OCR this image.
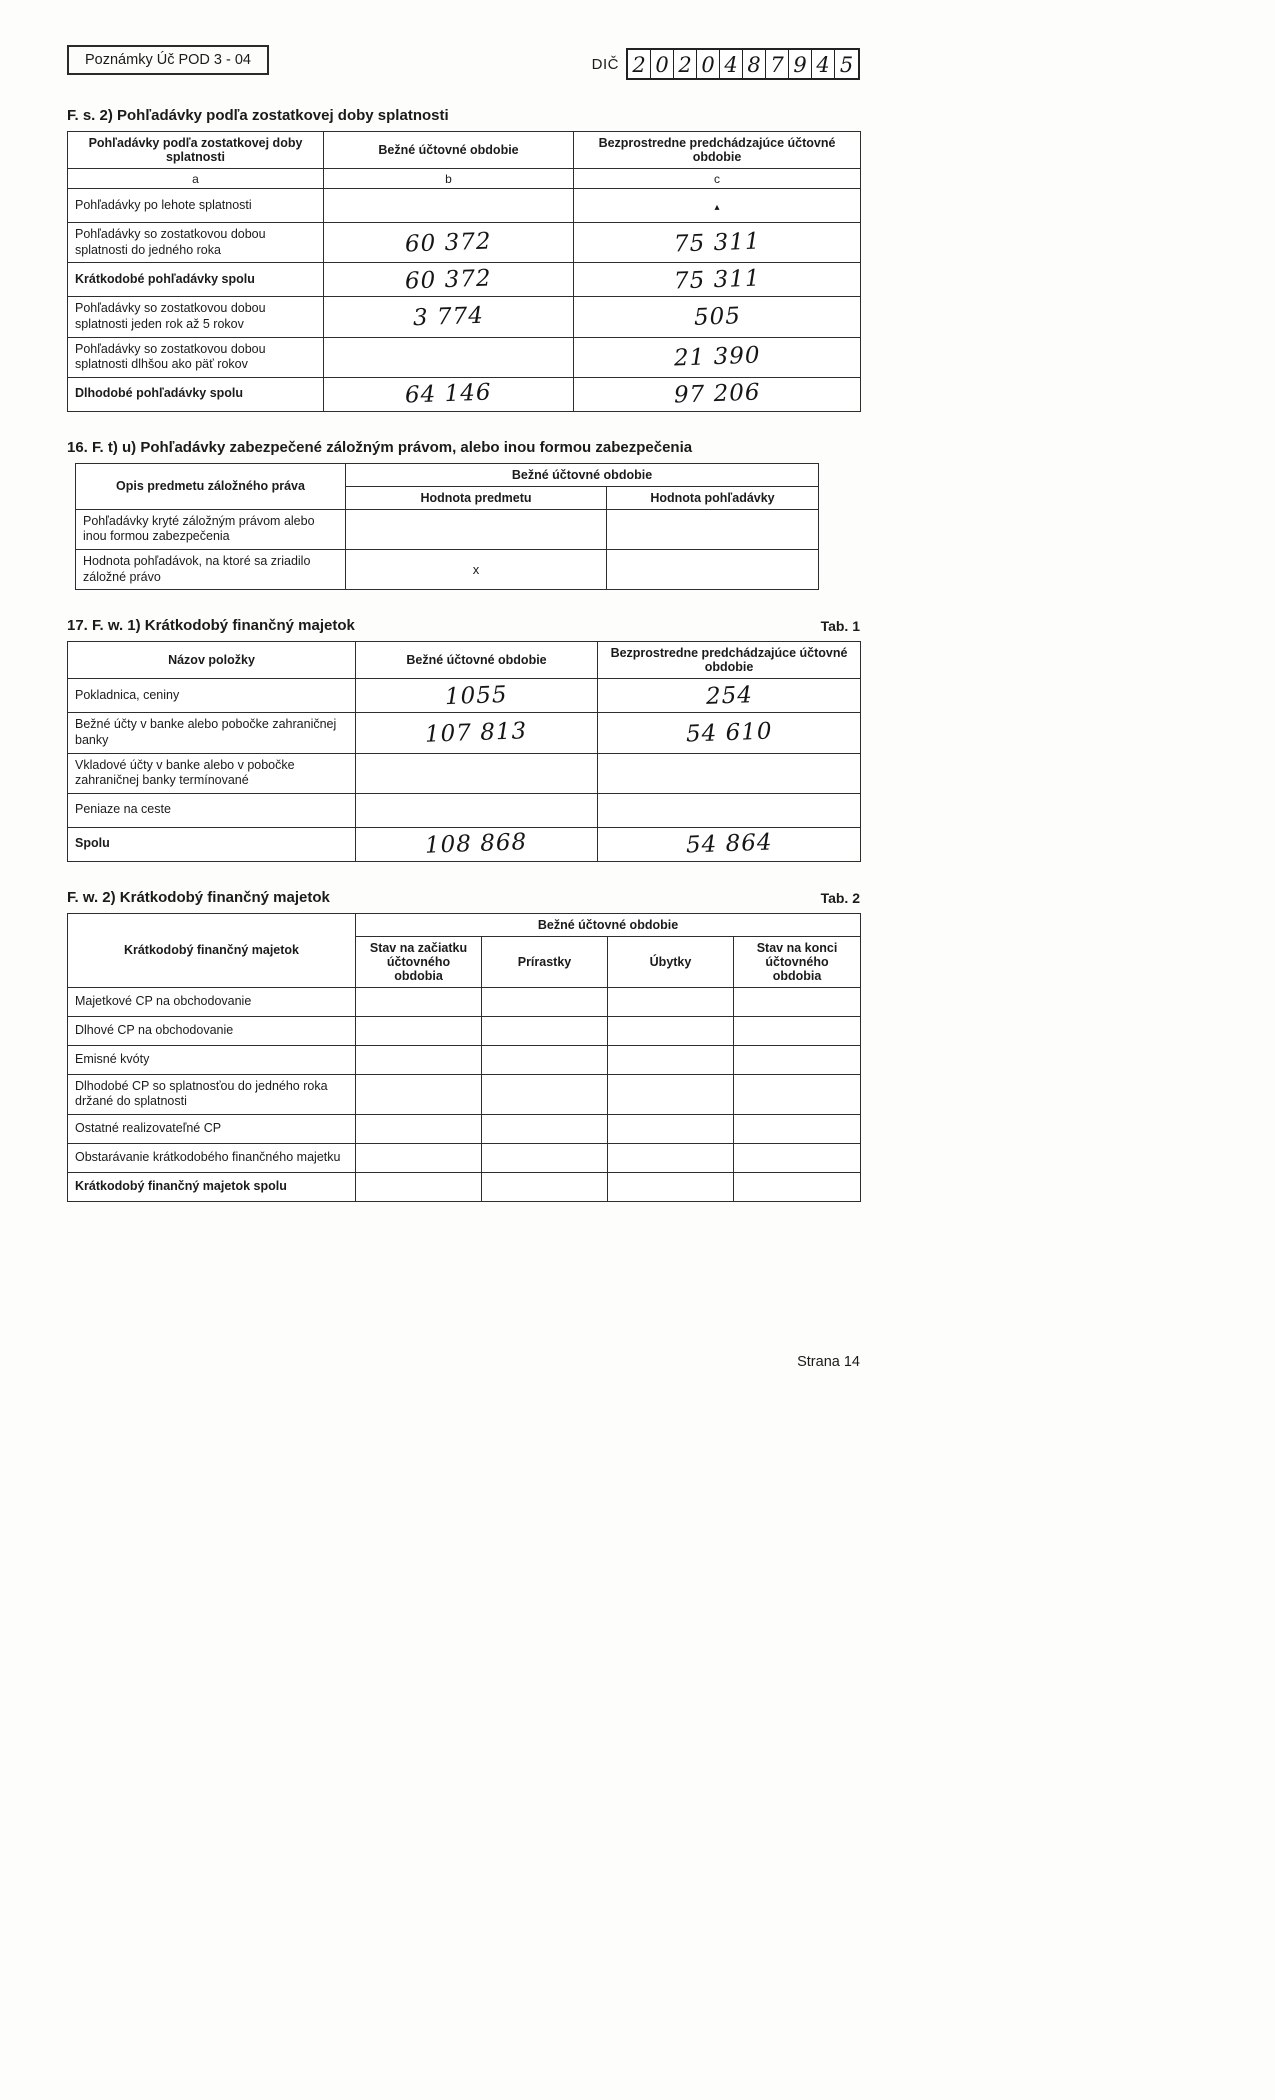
Poznámky Úč POD 3 - 04	DIČ 2 0 2 0 4 8 7 9 4 5
F. s. 2) Pohľadávky podľa zostatkovej doby splatnosti
Pohľadávky podľa zostatkovej doby splatnosti	Bežné účtovné obdobie	Bezprostredne predchádzajúce účtovné obdobie
a	b	c
Pohľadávky po lehote splatnosti		▴
Pohľadávky so zostatkovou dobou splatnosti do jedného roka	60 372	75 311
Krátkodobé pohľadávky spolu	60 372	75 311
Pohľadávky so zostatkovou dobou splatnosti jeden rok až 5 rokov	3 774	505
Pohľadávky so zostatkovou dobou splatnosti dlhšou ako päť rokov		21 390
Dlhodobé pohľadávky spolu	64 146	97 206
16. F. t) u) Pohľadávky zabezpečené záložným právom, alebo inou formou zabezpečenia
Opis predmetu záložného práva	Bežné účtovné obdobie	
	Hodnota predmetu	Hodnota pohľadávky
Pohľadávky kryté záložným právom alebo inou formou zabezpečenia		
Hodnota pohľadávok, na ktoré sa zriadilo záložné právo	x	
17. F. w. 1) Krátkodobý finančný majetok	Tab. 1
Názov položky	Bežné účtovné obdobie	Bezprostredne predchádzajúce účtovné obdobie
Pokladnica, ceniny	1055	254
Bežné účty v banke alebo pobočke zahraničnej banky	107 813	54 610
Vkladové účty v banke alebo v pobočke zahraničnej banky termínované		
Peniaze na ceste		
Spolu	108 868	54 864
F. w. 2) Krátkodobý finančný majetok	Tab. 2
Krátkodobý finančný majetok	Bežné účtovné obdobie			
	Stav na začiatku účtovného obdobia	Prírastky	Úbytky	Stav na konci účtovného obdobia
Majetkové CP na obchodovanie				
Dlhové CP na obchodovanie				
Emisné kvóty				
Dlhodobé CP so splatnosťou do jedného roka držané do splatnosti				
Ostatné realizovateľné CP				
Obstarávanie krátkodobého finančného majetku				
Krátkodobý finančný majetok spolu				
Strana 14
